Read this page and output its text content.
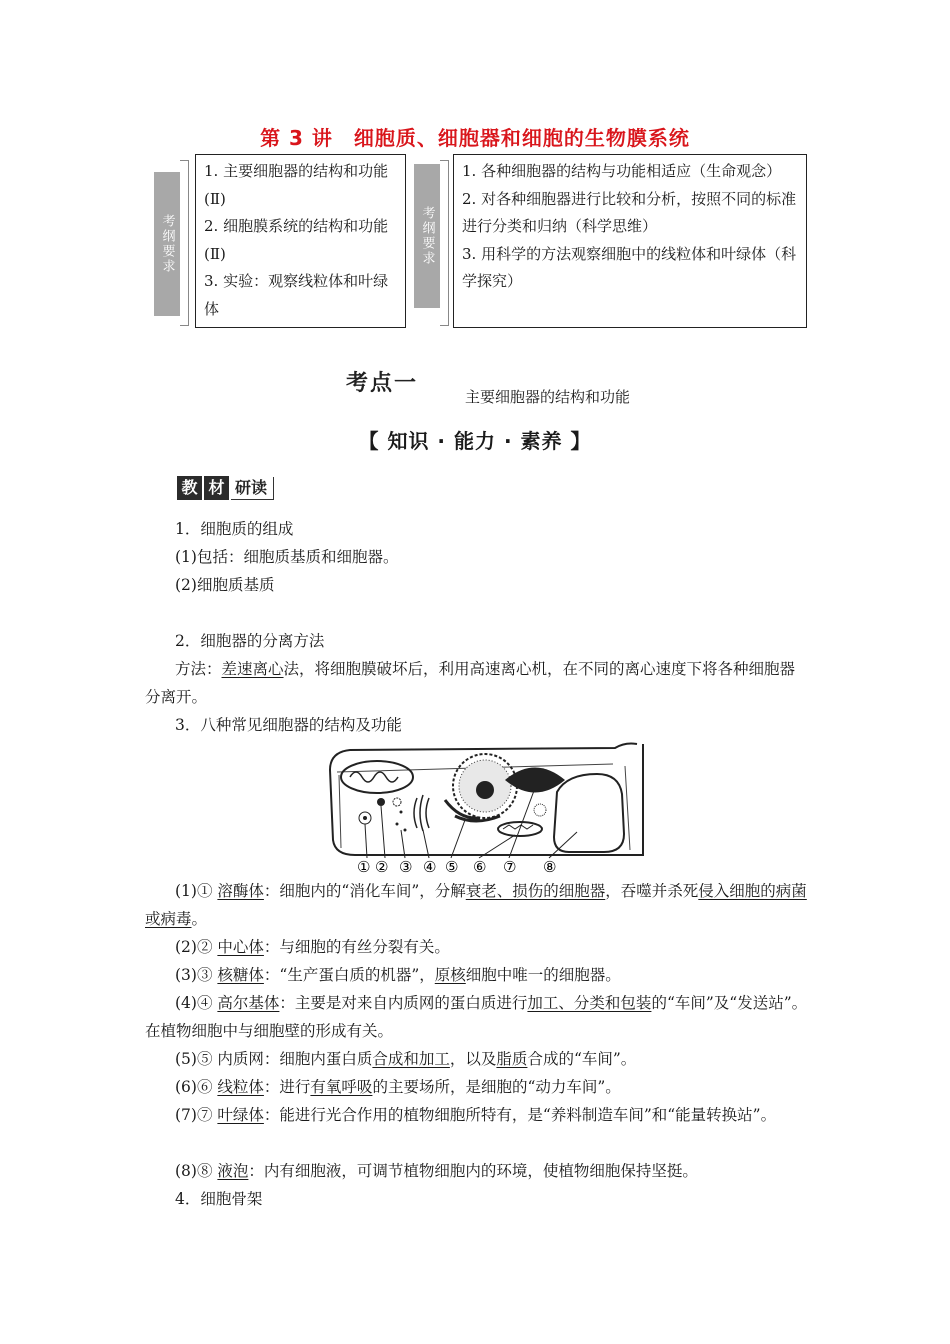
第 3 讲　细胞质、细胞器和细胞的生物膜系统
考纲要求
1. 主要细胞器的结构和功能(Ⅱ)
2. 细胞膜系统的结构和功能(Ⅱ)
3. 实验：观察线粒体和叶绿体
考纲要求
1. 各种细胞器的结构与功能相适应（生命观念）
2. 对各种细胞器进行比较和分析，按照不同的标准进行分类和归纳（科学思维）
3. 用科学的方法观察细胞中的线粒体和叶绿体（科学探究）
考点一
主要细胞器的结构和功能
【 知识 · 能力 · 素养 】
教 材 研读
1．细胞质的组成
(1)包括：细胞质基质和细胞器。
(2)细胞质基质
2．细胞器的分离方法
方法：差速离心法，将细胞膜破坏后，利用高速离心机，在不同的离心速度下将各种细胞器分离开。
3．八种常见细胞器的结构及功能
① ② ③ ④ ⑤ ⑥ ⑦ ⑧
(1)① 溶酶体：细胞内的“消化车间”，分解衰老、损伤的细胞器，吞噬并杀死侵入细胞的病菌或病毒。
(2)② 中心体：与细胞的有丝分裂有关。
(3)③ 核糖体：“生产蛋白质的机器”，原核细胞中唯一的细胞器。
(4)④ 高尔基体：主要是对来自内质网的蛋白质进行加工、分类和包装的“车间”及“发送站”。在植物细胞中与细胞壁的形成有关。
(5)⑤ 内质网：细胞内蛋白质合成和加工，以及脂质合成的“车间”。
(6)⑥ 线粒体：进行有氧呼吸的主要场所，是细胞的“动力车间”。
(7)⑦ 叶绿体：能进行光合作用的植物细胞所特有，是“养料制造车间”和“能量转换站”。
(8)⑧ 液泡：内有细胞液，可调节植物细胞内的环境，使植物细胞保持坚挺。
4．细胞骨架
